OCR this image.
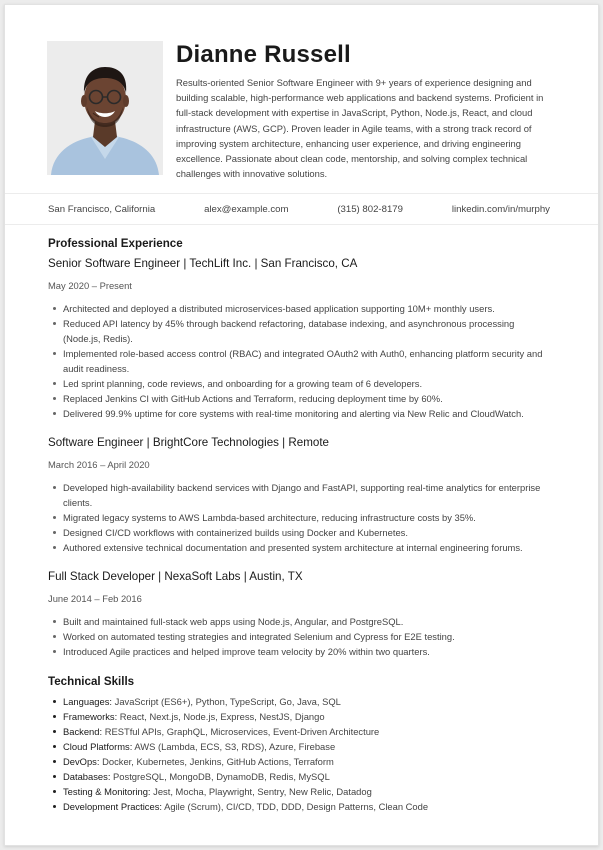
Dianne Russell
Results-oriented Senior Software Engineer with 9+ years of experience designing and building scalable, high-performance web applications and backend systems. Proficient in full-stack development with expertise in JavaScript, Python, Node.js, React, and cloud infrastructure (AWS, GCP). Proven leader in Agile teams, with a strong track record of improving system architecture, enhancing user experience, and driving engineering excellence. Passionate about clean code, mentorship, and solving complex technical challenges with innovative solutions.
San Francisco, California	alex@example.com	(315) 802-8179	linkedin.com/in/murphy
Professional Experience
Senior Software Engineer | TechLift Inc. | San Francisco, CA
May 2020 – Present
Architected and deployed a distributed microservices-based application supporting 10M+ monthly users.
Reduced API latency by 45% through backend refactoring, database indexing, and asynchronous processing (Node.js, Redis).
Implemented role-based access control (RBAC) and integrated OAuth2 with Auth0, enhancing platform security and audit readiness.
Led sprint planning, code reviews, and onboarding for a growing team of 6 developers.
Replaced Jenkins CI with GitHub Actions and Terraform, reducing deployment time by 60%.
Delivered 99.9% uptime for core systems with real-time monitoring and alerting via New Relic and CloudWatch.
Software Engineer | BrightCore Technologies | Remote
March 2016 – April 2020
Developed high-availability backend services with Django and FastAPI, supporting real-time analytics for enterprise clients.
Migrated legacy systems to AWS Lambda-based architecture, reducing infrastructure costs by 35%.
Designed CI/CD workflows with containerized builds using Docker and Kubernetes.
Authored extensive technical documentation and presented system architecture at internal engineering forums.
Full Stack Developer | NexaSoft Labs | Austin, TX
June 2014 – Feb 2016
Built and maintained full-stack web apps using Node.js, Angular, and PostgreSQL.
Worked on automated testing strategies and integrated Selenium and Cypress for E2E testing.
Introduced Agile practices and helped improve team velocity by 20% within two quarters.
Technical Skills
Languages: JavaScript (ES6+), Python, TypeScript, Go, Java, SQL
Frameworks: React, Next.js, Node.js, Express, NestJS, Django
Backend: RESTful APIs, GraphQL, Microservices, Event-Driven Architecture
Cloud Platforms: AWS (Lambda, ECS, S3, RDS), Azure, Firebase
DevOps: Docker, Kubernetes, Jenkins, GitHub Actions, Terraform
Databases: PostgreSQL, MongoDB, DynamoDB, Redis, MySQL
Testing & Monitoring: Jest, Mocha, Playwright, Sentry, New Relic, Datadog
Development Practices: Agile (Scrum), CI/CD, TDD, DDD, Design Patterns, Clean Code
